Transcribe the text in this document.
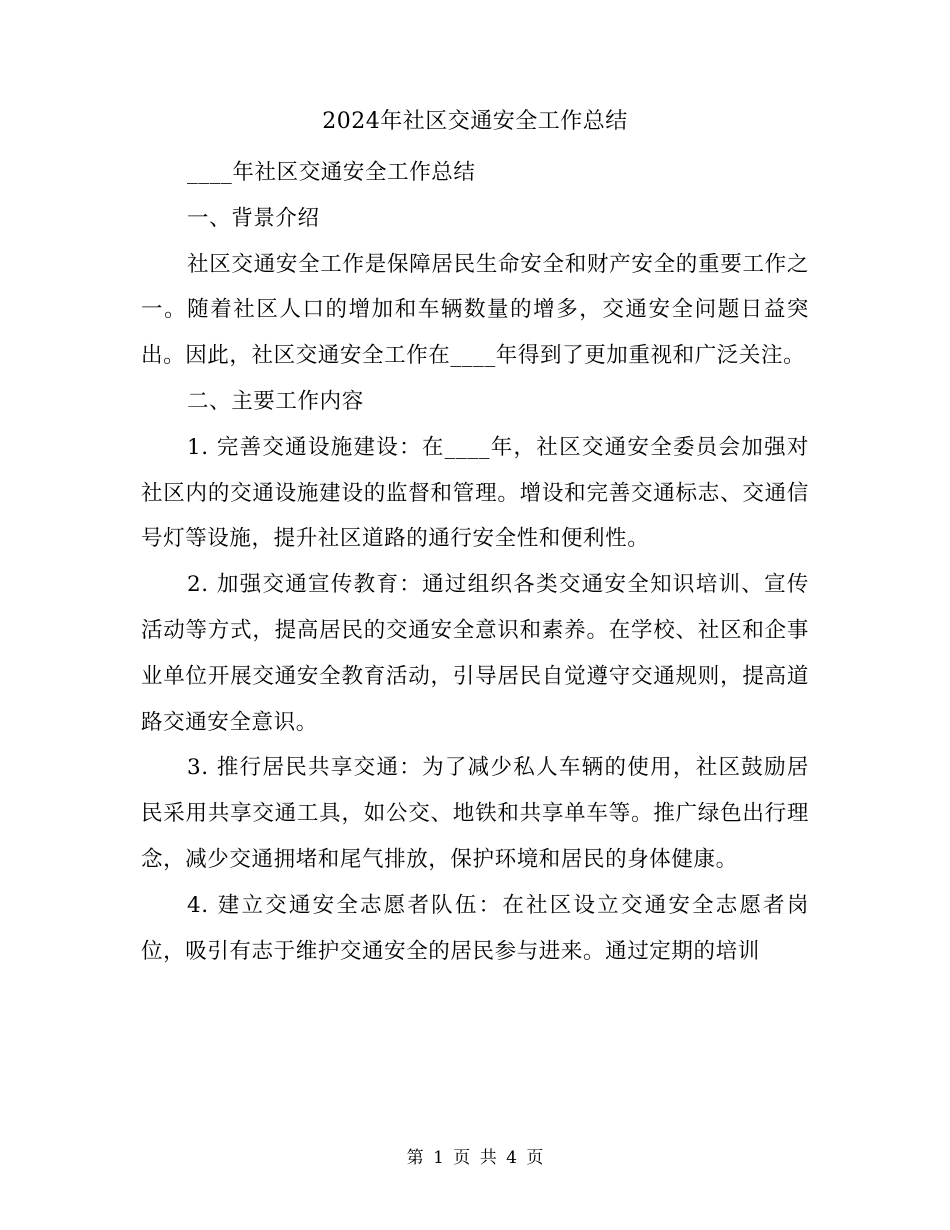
2024年社区交通安全工作总结

____年社区交通安全工作总结

一、背景介绍

社区交通安全工作是保障居民生命安全和财产安全的重要工作之一。随着社区人口的增加和车辆数量的增多，交通安全问题日益突出。因此，社区交通安全工作在____年得到了更加重视和广泛关注。

二、主要工作内容

1. 完善交通设施建设：在____年，社区交通安全委员会加强对社区内的交通设施建设的监督和管理。增设和完善交通标志、交通信号灯等设施，提升社区道路的通行安全性和便利性。

2. 加强交通宣传教育：通过组织各类交通安全知识培训、宣传活动等方式，提高居民的交通安全意识和素养。在学校、社区和企事业单位开展交通安全教育活动，引导居民自觉遵守交通规则，提高道路交通安全意识。

3. 推行居民共享交通：为了减少私人车辆的使用，社区鼓励居民采用共享交通工具，如公交、地铁和共享单车等。推广绿色出行理念，减少交通拥堵和尾气排放，保护环境和居民的身体健康。

4. 建立交通安全志愿者队伍：在社区设立交通安全志愿者岗位，吸引有志于维护交通安全的居民参与进来。通过定期的培训

第 1 页 共 4 页
